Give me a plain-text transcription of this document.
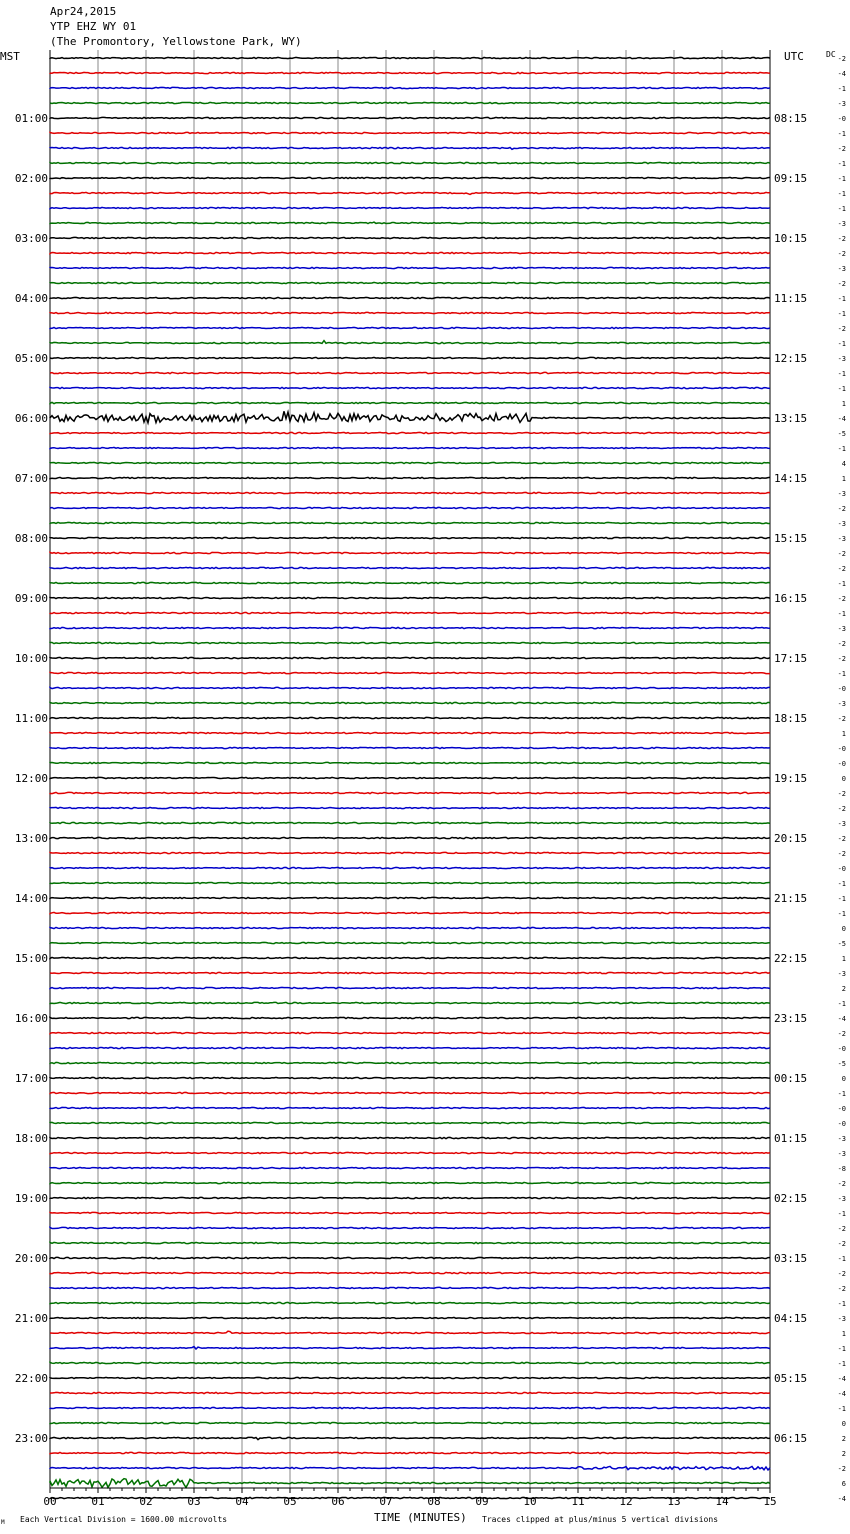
Apr24,2015
YTP EHZ WY 01
(The Promontory, Yellowstone Park, WY)
MST	UTC	DC
01:00
02:00
03:00
04:00
05:00
06:00
07:00
08:00
09:00
10:00
11:00
12:00
13:00
14:00
15:00
16:00
17:00
18:00
19:00
20:00
21:00
22:00
23:00
08:15
09:15
10:15
11:15
12:15
13:15
14:15
15:15
16:15
17:15
18:15
19:15
20:15
21:15
22:15
23:15
00:15
01:15
02:15
03:15
04:15
05:15
06:15
-2
-4
-1
-3
-0
-1
-2
-1
-1
-1
-1
-3
-2
-2
-3
-2
-1
-1
-2
-1
-3
-1
-1
1
-4
-5
-1
4
1
-3
-2
-3
-3
-2
-2
-1
-2
-1
-3
-2
-2
-1
-0
-3
-2
1
-0
-0
0
-2
-2
-3
-2
-2
-0
-1
-1
-1
0
-5
1
-3
2
-1
-4
-2
-0
-5
0
-1
-0
-0
-3
-3
-8
-2
-3
-1
-2
-2
-1
-2
-2
-1
-3
1
-1
-1
-4
-4
-1
0
2
2
-2
6
-4
00	01	02	03	04	05	06	07	08	09	10	11	12	13	14	15
M Each Vertical Division = 1600.00 microvolts	TIME (MINUTES) Traces clipped at plus/minus 5 vertical divisions
